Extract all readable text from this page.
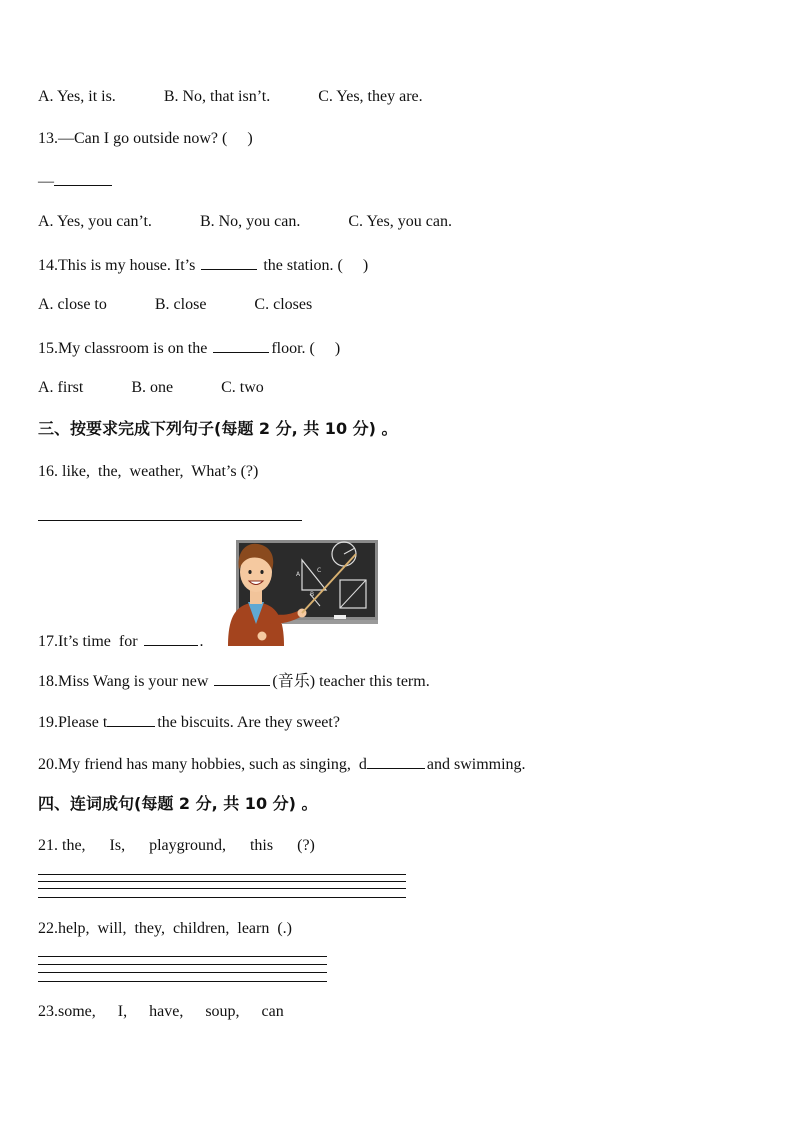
A. Yes, it is.	B. No, that isn’t.	C. Yes, they are.
13.—Can I go outside now? ( )
—
A. Yes, you can’t.	B. No, you can.	C. Yes, you can.
14.This is my house. It’s	the station. ( )
A. close to	B. close	C. closes
15.My classroom is on the	floor. ( )
A. first	B. one	C. two
三、按要求完成下列句子(每题 2 分, 共 10 分) 。
16. like,  the,  weather,  What’s (?)
A
C
B
17.It’s time  for	.
18.Miss Wang is your new	(音乐) teacher this term.
19.Please t	the biscuits. Are they sweet?
20.My friend has many hobbies, such as singing,  d	and swimming.
四、连词成句(每题 2 分, 共 10 分) 。
21. the, Is, playground, this (?)
22.help,  will,  they,  children,  learn  (.)
23.some, I, have, soup, can
